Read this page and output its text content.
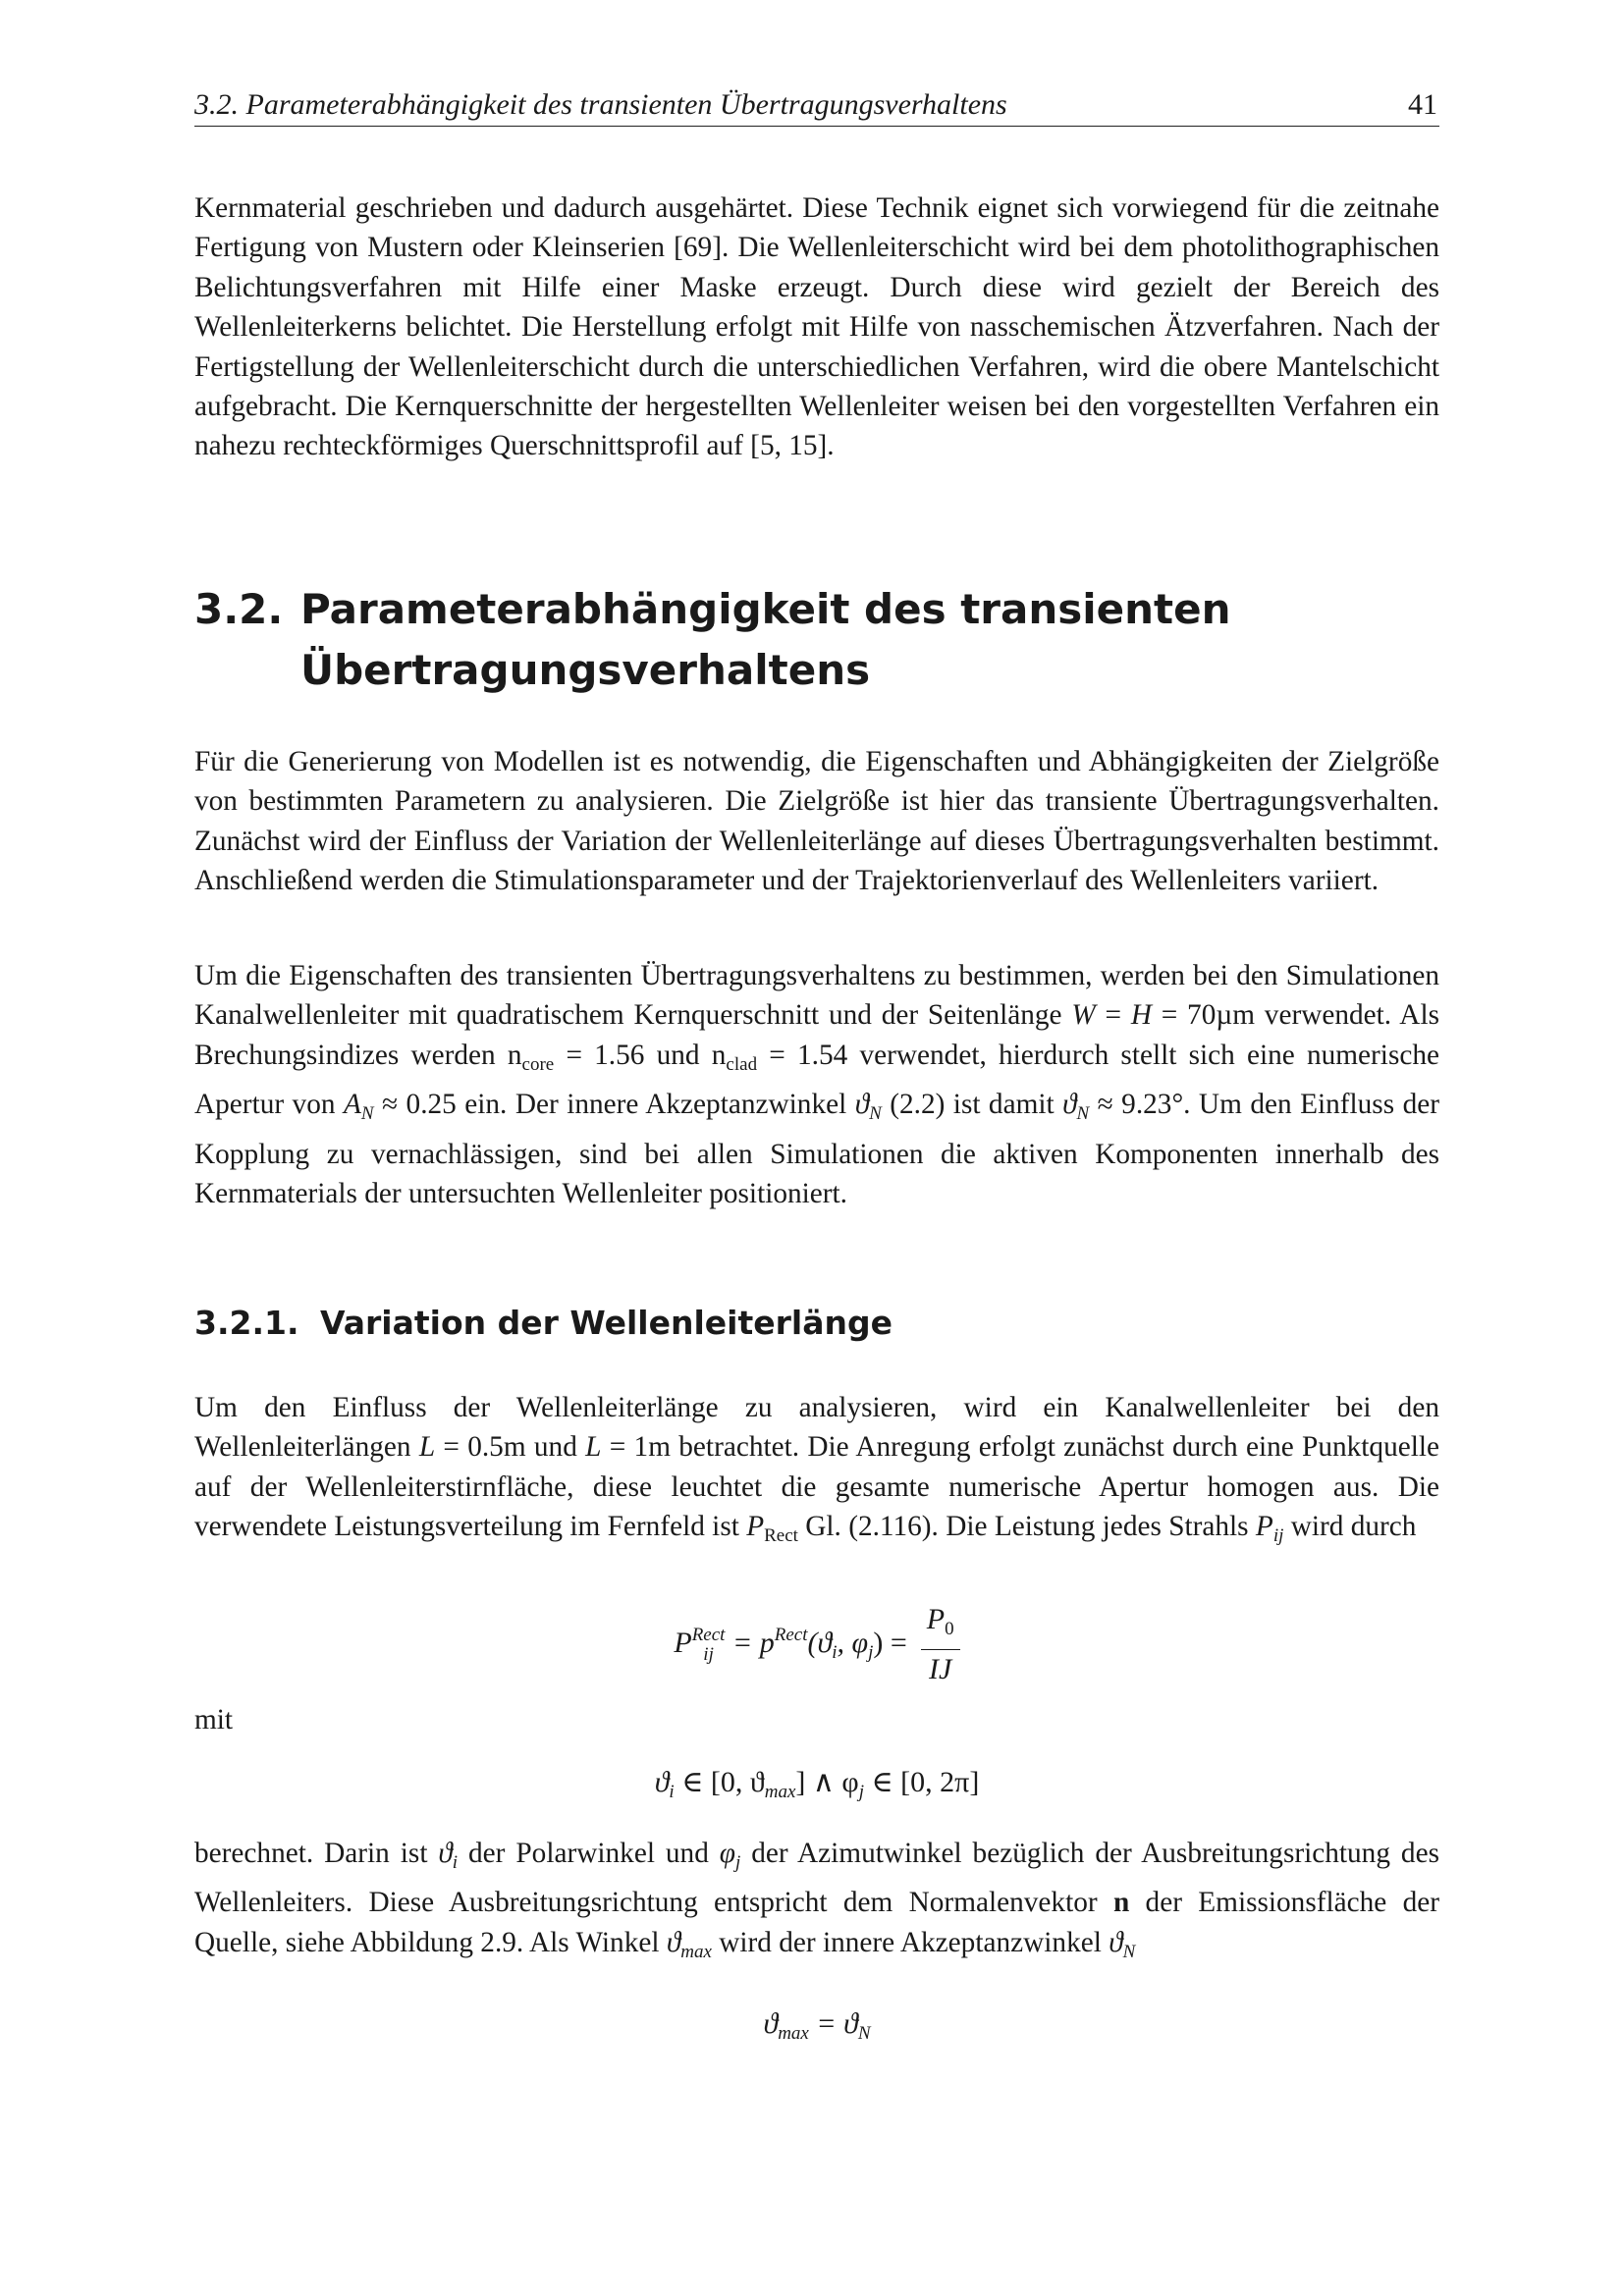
3.2. Parameterabhängigkeit des transienten Übertragungsverhaltens	41

Kernmaterial geschrieben und dadurch ausgehärtet. Diese Technik eignet sich vorwiegend für die zeitnahe Fertigung von Mustern oder Kleinserien [69]. Die Wellenleiterschicht wird bei dem photolithographischen Belichtungsverfahren mit Hilfe einer Maske erzeugt. Durch diese wird gezielt der Bereich des Wellenleiterkerns belichtet. Die Herstellung erfolgt mit Hilfe von nasschemischen Ätzverfahren. Nach der Fertigstellung der Wellenleiterschicht durch die unterschiedlichen Verfahren, wird die obere Mantelschicht aufgebracht. Die Kernquerschnitte der hergestellten Wellenleiter weisen bei den vorgestellten Verfahren ein nahezu rechteckförmiges Querschnittsprofil auf [5, 15].

3.2. Parameterabhängigkeit des transienten Übertragungsverhaltens

Für die Generierung von Modellen ist es notwendig, die Eigenschaften und Abhängigkeiten der Zielgröße von bestimmten Parametern zu analysieren. Die Zielgröße ist hier das transiente Übertragungsverhalten. Zunächst wird der Einfluss der Variation der Wellenleiterlänge auf dieses Übertragungsverhalten bestimmt. Anschließend werden die Stimulationsparameter und der Trajektorienverlauf des Wellenleiters variiert.

Um die Eigenschaften des transienten Übertragungsverhaltens zu bestimmen, werden bei den Simulationen Kanalwellenleiter mit quadratischem Kernquerschnitt und der Seitenlänge W = H = 70µm verwendet. Als Brechungsindizes werden $n_{core} = 1.56$ und $n_{clad} = 1.54$ verwendet, hierdurch stellt sich eine numerische Apertur von $A_N \approx 0.25$ ein. Der innere Akzeptanzwinkel $ϑ_N$ (2.2) ist damit $ϑ_N \approx 9.23^\circ$. Um den Einfluss der Kopplung zu vernachlässigen, sind bei allen Simulationen die aktiven Komponenten innerhalb des Kernmaterials der untersuchten Wellenleiter positioniert.

3.2.1. Variation der Wellenleiterlänge

Um den Einfluss der Wellenleiterlänge zu analysieren, wird ein Kanalwellenleiter bei den Wellenleiterlängen L = 0.5m und L = 1m betrachtet. Die Anregung erfolgt zunächst durch eine Punktquelle auf der Wellenleiterstirnfläche, diese leuchtet die gesamte numerische Apertur homogen aus. Die verwendete Leistungsverteilung im Fernfeld ist $P_{Rect}$ Gl. (2.116). Die Leistung jedes Strahls $P_{ij}$ wird durch

P Rect
ij = $p^{Rect}(ϑ_i$, $\varphi_j) = \frac{P_0}{IJ}$
mit
$ϑ_i$ ∈ [0, $ϑ_{max}$] ∧ $\varphi_j$ ∈ [0, 2π]

berechnet. Darin ist $ϑ_i$ der Polarwinkel und $\varphi_j$ der Azimutwinkel bezüglich der Ausbreitungsrichtung des Wellenleiters. Diese Ausbreitungsrichtung entspricht dem Normalenvektor n der Emissionsfläche der Quelle, siehe Abbildung 2.9. Als Winkel $ϑ_{max}$ wird der innere Akzeptanzwinkel $ϑ_N$

$ϑ_{max} = ϑ_N$
